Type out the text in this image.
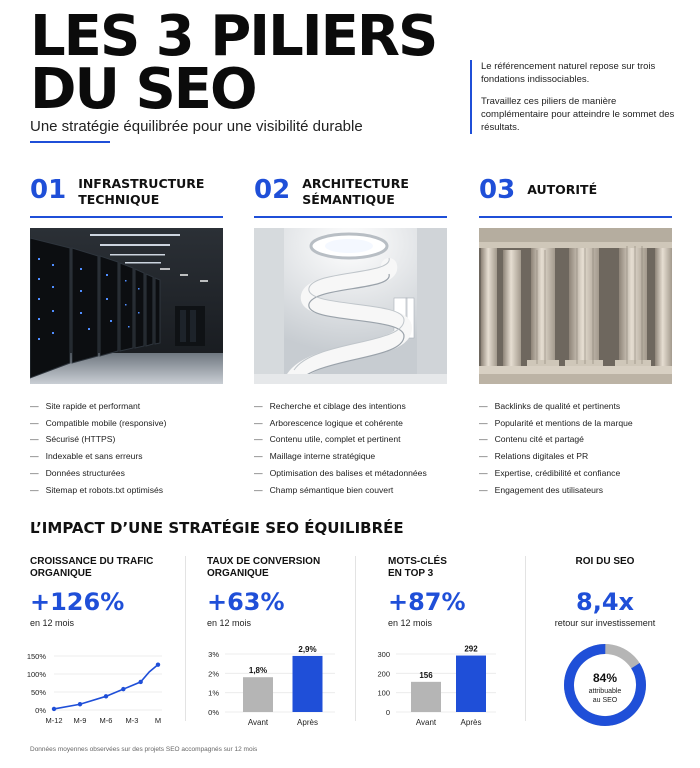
LES 3 PILIERS
DU SEO
Une stratégie équilibrée pour une visibilité durable

Le référencement naturel repose sur trois fondations indissociables.

Travaillez ces piliers de manière complémentaire pour atteindre le sommet des résultats.

01 INFRASTRUCTURE
TECHNIQUE
— Site rapide et performant
— Compatible mobile (responsive)
— Sécurisé (HTTPS)
— Indexable et sans erreurs
— Données structurées
— Sitemap et robots.txt optimisés
02 ARCHITECTURE
SÉMANTIQUE
— Recherche et ciblage des intentions
— Arborescence logique et cohérente
— Contenu utile, complet et pertinent
— Maillage interne stratégique
— Optimisation des balises et métadonnées
— Champ sémantique bien couvert
03 AUTORITÉ
— Backlinks de qualité et pertinents
— Popularité et mentions de la marque
— Contenu cité et partagé
— Relations digitales et PR
— Expertise, crédibilité et confiance
— Engagement des utilisateurs
L’IMPACT D’UNE STRATÉGIE SEO ÉQUILIBRÉE
CROISSANCE DU TRAFIC
ORGANIQUE
+126%
en 12 mois
0%
50%
100%
150%
M-12 M-9 M-6 M-3 M
TAUX DE CONVERSION
ORGANIQUE
+63%
en 12 mois
0%
1%
2%
3%
1,8%
Avant
2,9%
Après
MOTS-CLÉS
EN TOP 3
+87%
en 12 mois
0
100
200
300
156
Avant
292
Après
ROI DU SEO
8,4x
retour sur investissement
84%
attribuable
au SEO
Données moyennes observées sur des projets SEO accompagnés sur 12 mois
